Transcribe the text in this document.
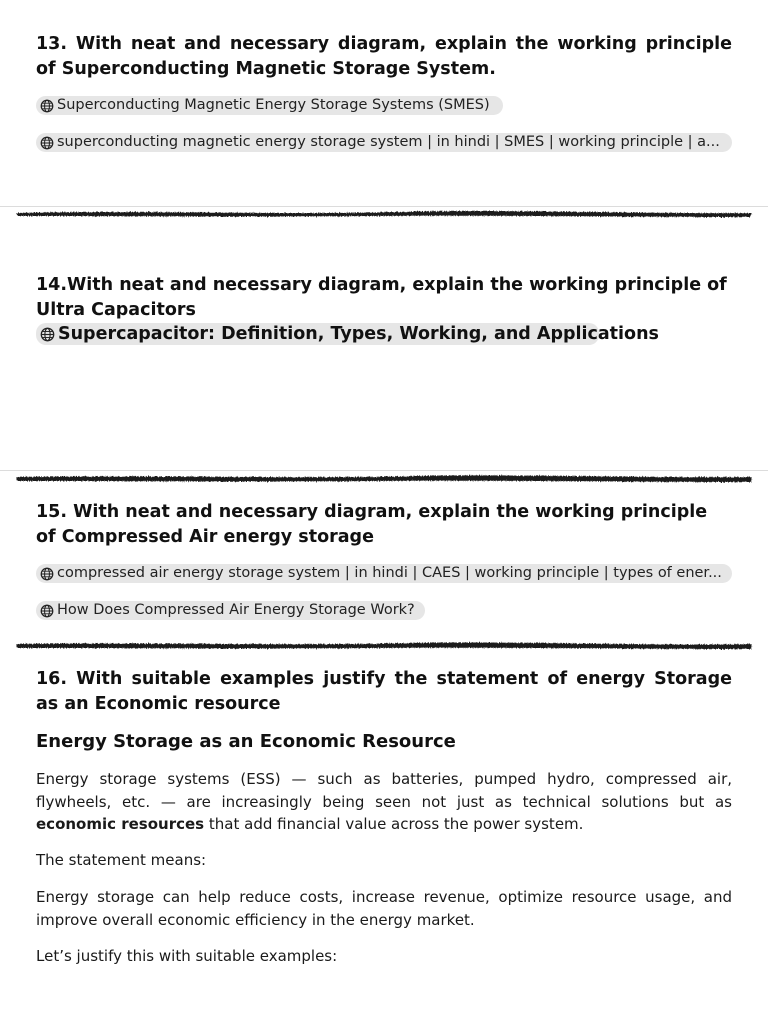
13. With neat and necessary diagram, explain the working principle of Superconducting Magnetic Storage System.

Superconducting Magnetic Energy Storage Systems (SMES)
superconducting magnetic energy storage system | in hindi | SMES | working principle | a...

14.With neat and necessary diagram, explain the working principle of Ultra Capacitors

Supercapacitor: Definition, Types, Working, and Applications

15. With neat and necessary diagram, explain the working principle of Compressed Air energy storage

compressed air energy storage system | in hindi | CAES | working principle | types of ener...
How Does Compressed Air Energy Storage Work?

16. With suitable examples justify the statement of energy Storage as an Economic resource

Energy Storage as an Economic Resource

Energy storage systems (ESS) — such as batteries, pumped hydro, compressed air, flywheels, etc. — are increasingly being seen not just as technical solutions but as economic resources that add financial value across the power system.

The statement means:

Energy storage can help reduce costs, increase revenue, optimize resource usage, and improve overall economic efficiency in the energy market.

Let’s justify this with suitable examples:
